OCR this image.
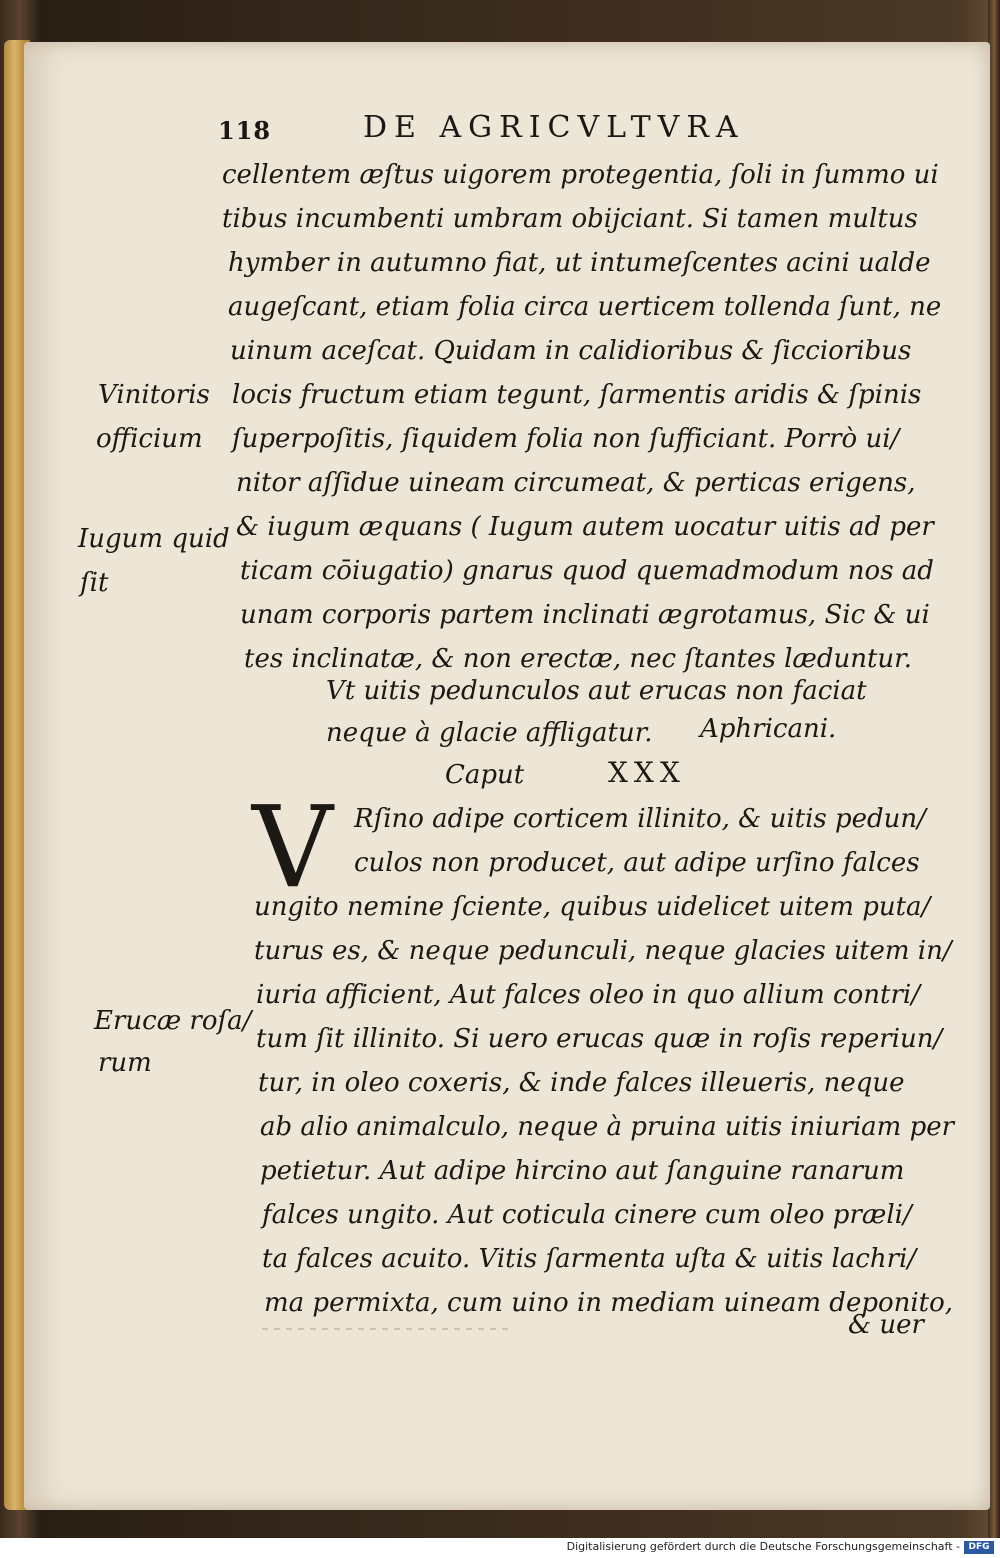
118	DE AGRICVLTVRA
cellentem æſtus uigorem protegentia, ſoli in ſummo ui
tibus incumbenti umbram obijciant. Si tamen multus
hymber in autumno fiat, ut intumeſcentes acini ualde
augeſcant, etiam folia circa uerticem tollenda ſunt, ne
uinum aceſcat. Quidam in calidioribus & ſiccioribus
locis fructum etiam tegunt, ſarmentis aridis & ſpinis
ſuperpoſitis, ſiquidem folia non ſufficiant. Porrò ui/
nitor aſſidue uineam circumeat, & perticas erigens,
& iugum æquans ( Iugum autem uocatur uitis ad per
ticam cōiugatio) gnarus quod quemadmodum nos ad
unam corporis partem inclinati ægrotamus, Sic & ui
tes inclinatæ, & non erectæ, nec ſtantes læduntur.
Vinitoris
officium
Iugum quid
ſit
Erucæ roſa/
rum
Vt uitis pedunculos aut erucas non faciat
neque à glacie affligatur. Aphricani.
Caput	XXX
V Rſino adipe corticem illinito, & uitis pedun/
culos non producet, aut adipe urſino falces
ungito nemine ſciente, quibus uidelicet uitem puta/
turus es, & neque pedunculi, neque glacies uitem in/
iuria afficient, Aut falces oleo in quo allium contri/
tum ſit illinito. Si uero erucas quæ in roſis reperiun/
tur, in oleo coxeris, & inde falces illeueris, neque
ab alio animalculo, neque à pruina uitis iniuriam per
petietur. Aut adipe hircino aut ſanguine ranarum
falces ungito. Aut coticula cinere cum oleo præli/
ta falces acuito. Vitis ſarmenta uſta & uitis lachri/
ma permixta, cum uino in mediam uineam deponito,
& uer
Digitalisierung gefördert durch die Deutsche Forschungsgemeinschaft - DFG
